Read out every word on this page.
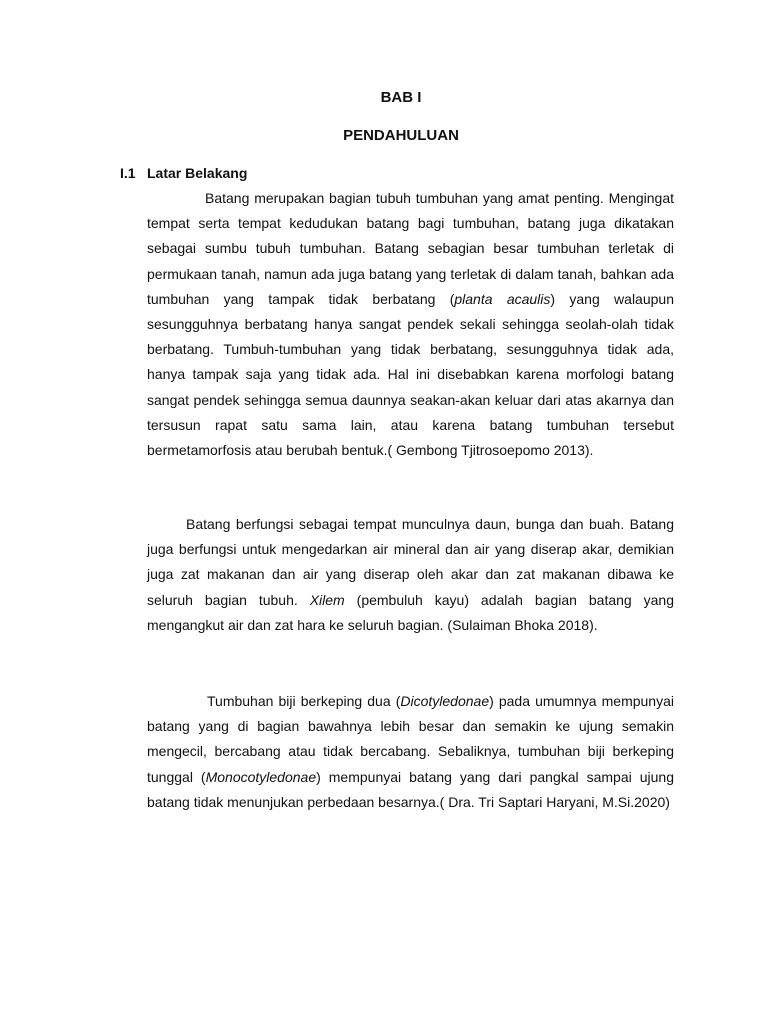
BAB I
PENDAHULUAN
I.1 Latar Belakang

Batang merupakan bagian tubuh tumbuhan yang amat penting. Mengingat tempat serta tempat kedudukan batang bagi tumbuhan, batang juga dikatakan sebagai sumbu tubuh tumbuhan. Batang sebagian besar tumbuhan terletak di permukaan tanah, namun ada juga batang yang terletak di dalam tanah, bahkan ada tumbuhan yang tampak tidak berbatang (planta acaulis) yang walaupun sesungguhnya berbatang hanya sangat pendek sekali sehingga seolah-olah tidak berbatang. Tumbuh-tumbuhan yang tidak berbatang, sesungguhnya tidak ada, hanya tampak saja yang tidak ada. Hal ini disebabkan karena morfologi batang sangat pendek sehingga semua daunnya seakan-akan keluar dari atas akarnya dan tersusun rapat satu sama lain, atau karena batang tumbuhan tersebut bermetamorfosis atau berubah bentuk.( Gembong Tjitrosoepomo 2013).

Batang berfungsi sebagai tempat munculnya daun, bunga dan buah. Batang juga berfungsi untuk mengedarkan air mineral dan air yang diserap akar, demikian juga zat makanan dan air yang diserap oleh akar dan zat makanan dibawa ke seluruh bagian tubuh. Xilem (pembuluh kayu) adalah bagian batang yang mengangkut air dan zat hara ke seluruh bagian. (Sulaiman Bhoka 2018).

Tumbuhan biji berkeping dua (Dicotyledonae) pada umumnya mempunyai batang yang di bagian bawahnya lebih besar dan semakin ke ujung semakin mengecil, bercabang atau tidak bercabang. Sebaliknya, tumbuhan biji berkeping tunggal (Monocotyledonae) mempunyai batang yang dari pangkal sampai ujung batang tidak menunjukan perbedaan besarnya.( Dra. Tri Saptari Haryani, M.Si.2020)
